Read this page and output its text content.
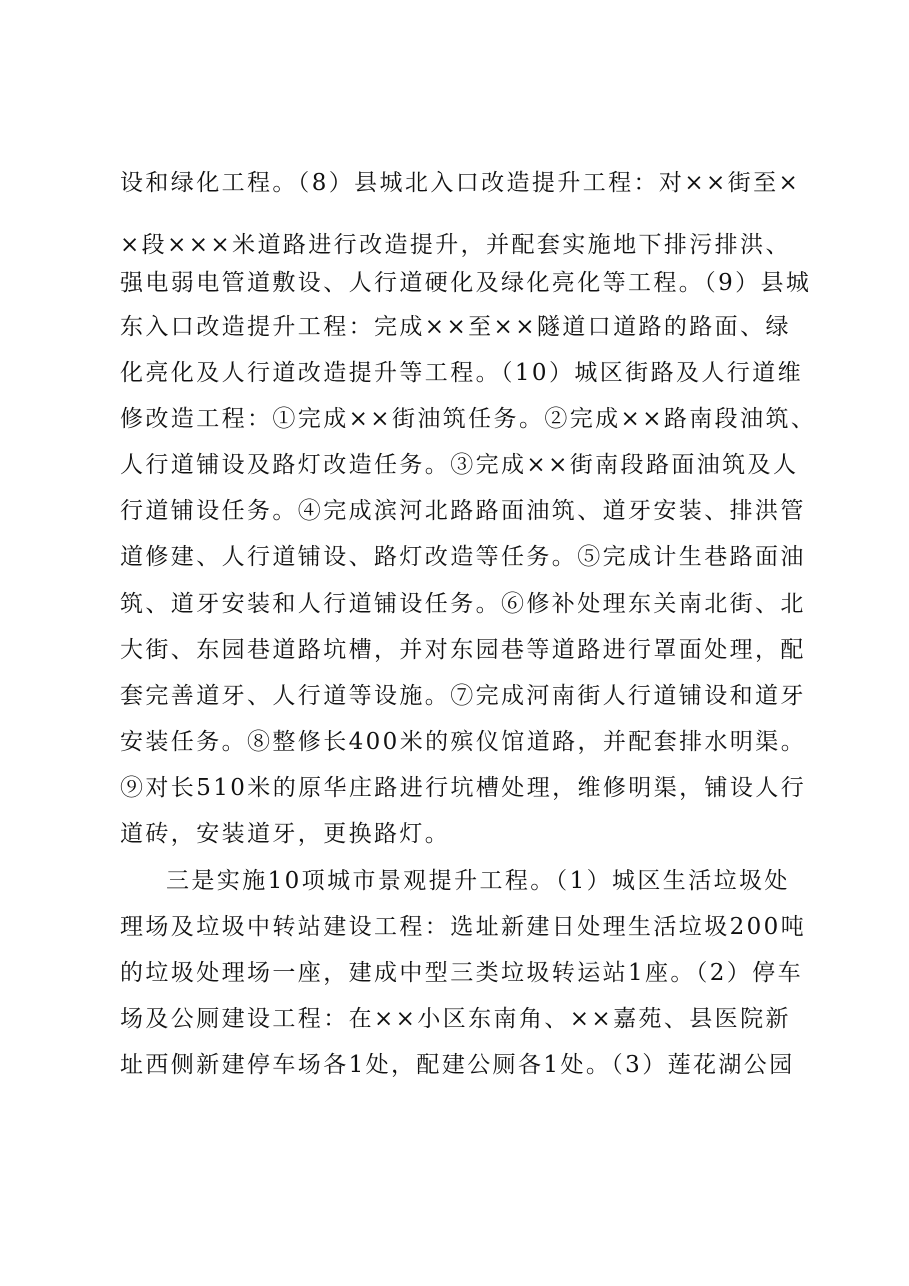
设和绿化工程。（8）县城北入口改造提升工程：对××街至×
×段×××米道路进行改造提升，并配套实施地下排污排洪、
强电弱电管道敷设、人行道硬化及绿化亮化等工程。（9）县城
东入口改造提升工程：完成××至××隧道口道路的路面、绿
化亮化及人行道改造提升等工程。（10）城区街路及人行道维
修改造工程：①完成××街油筑任务。②完成××路南段油筑、
人行道铺设及路灯改造任务。③完成××街南段路面油筑及人
行道铺设任务。④完成滨河北路路面油筑、道牙安装、排洪管
道修建、人行道铺设、路灯改造等任务。⑤完成计生巷路面油
筑、道牙安装和人行道铺设任务。⑥修补处理东关南北街、北
大街、东园巷道路坑槽，并对东园巷等道路进行罩面处理，配
套完善道牙、人行道等设施。⑦完成河南街人行道铺设和道牙
安装任务。⑧整修长400米的殡仪馆道路，并配套排水明渠。
⑨对长510米的原华庄路进行坑槽处理，维修明渠，铺设人行
道砖，安装道牙，更换路灯。
三是实施10项城市景观提升工程。（1）城区生活垃圾处
理场及垃圾中转站建设工程：选址新建日处理生活垃圾200吨
的垃圾处理场一座，建成中型三类垃圾转运站1座。（2）停车
场及公厕建设工程：在××小区东南角、××嘉苑、县医院新
址西侧新建停车场各1处，配建公厕各1处。（3）莲花湖公园
